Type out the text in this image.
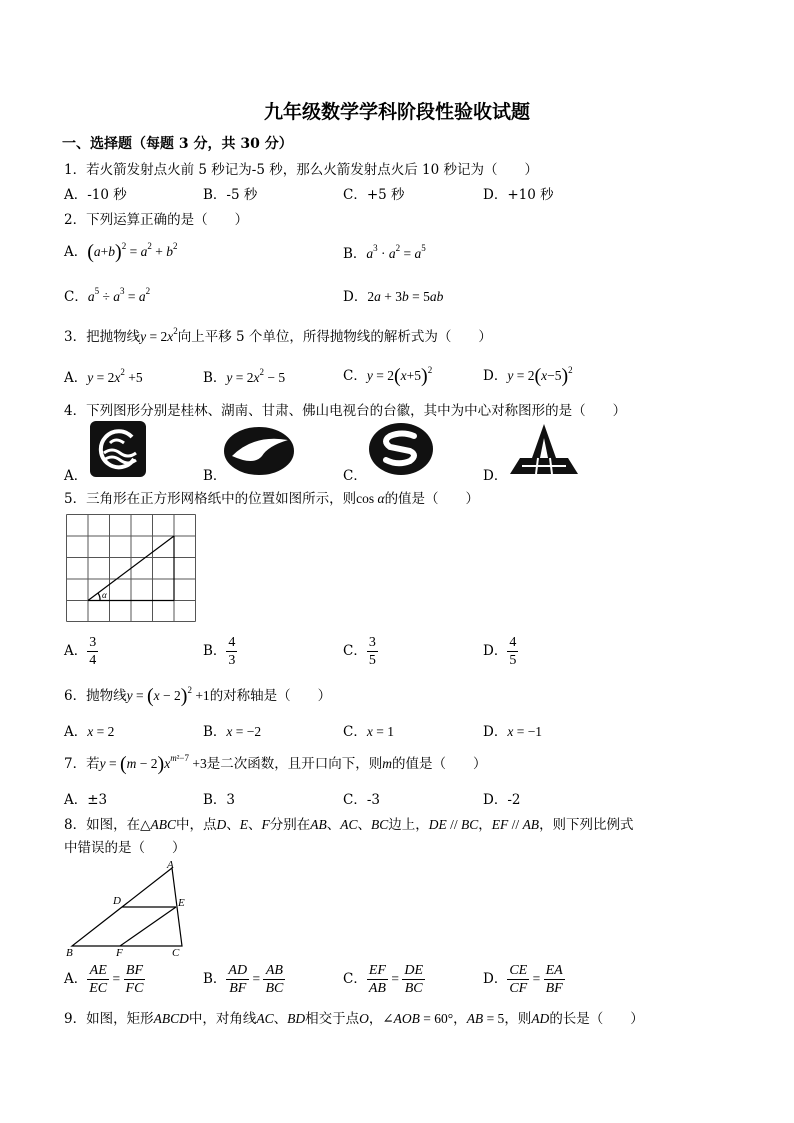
九年级数学学科阶段性验收试题
一、选择题（每题 3 分，共 30 分）
1．若火箭发射点火前 5 秒记为-5 秒，那么火箭发射点火后 10 秒记为（　　）
A．-10 秒	B．-5 秒	C．+5 秒	D．+10 秒
2．下列运算正确的是（　　）
A．$(a+b)^2 = a^2 + b^2$	B．$a^3 \cdot a^2 = a^5$
C．$a^5 \div a^3 = a^2$	D．2a + 3b = 5ab
3．把抛物线$y = 2x^2$向上平移 5 个单位，所得抛物线的解析式为（　　）
A．$y = 2x^2 +5$	B．$y = 2x^2 - 5$	C．$y = 2(x+5)^2$	D．$y = 2(x-5)^2$
4．下列图形分别是桂林、湖南、甘肃、佛山电视台的台徽，其中为中心对称图形的是（　　）
A．	B．	C．	D．
5．三角形在正方形网格纸中的位置如图所示，则cos α的值是（　　）
α
A． $\frac{3}{4}$	B． $\frac{4}{3}$	C． $\frac{3}{5}$	D． $\frac{4}{5}$
6．抛物线$y = (x - 2)^2 +1$的对称轴是（　　）
A．x = 2	B．x = −2	C．x = 1	D．x = −1
7．若$y = (m - 2)x^{m^2-7} +3$是二次函数，且开口向下，则m的值是（　　）
A．±3	B．3	C．-3	D．-2
8．如图，在△ABC中，点D、E、F分别在AB、AC、BC边上，DE // BC，EF // AB，则下列比例式
中错误的是（　　）
A
D	E
B	F	C
A． $\frac{AE}{EC} = \frac{BF}{FC}$	B． $\frac{AD}{BF} = \frac{AB}{BC}$	C． $\frac{EF}{AB} = \frac{DE}{BC}$	D． $\frac{CE}{CF} = \frac{EA}{BF}$
9．如图，矩形ABCD中，对角线AC、BD相交于点O，∠AOB = 60°，AB = 5，则AD的长是（　　）
